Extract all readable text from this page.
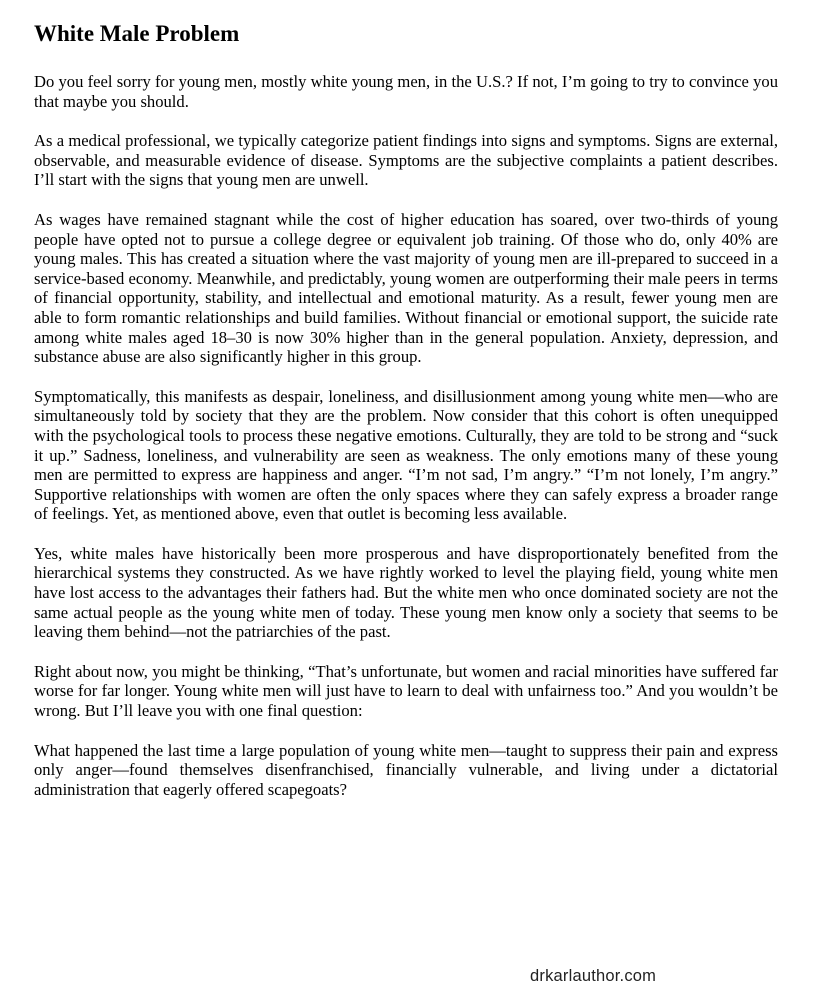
White Male Problem

Do you feel sorry for young men, mostly white young men, in the U.S.? If not, I’m going to try to convince you that maybe you should.

As a medical professional, we typically categorize patient findings into signs and symptoms. Signs are external, observable, and measurable evidence of disease. Symptoms are the subjective complaints a patient describes. I’ll start with the signs that young men are unwell.

As wages have remained stagnant while the cost of higher education has soared, over two-thirds of young people have opted not to pursue a college degree or equivalent job training. Of those who do, only 40% are young males. This has created a situation where the vast majority of young men are ill-prepared to succeed in a service-based economy. Meanwhile, and predictably, young women are outperforming their male peers in terms of financial opportunity, stability, and intellectual and emotional maturity. As a result, fewer young men are able to form romantic relationships and build families. Without financial or emotional support, the suicide rate among white males aged 18–30 is now 30% higher than in the general population. Anxiety, depression, and substance abuse are also significantly higher in this group.

Symptomatically, this manifests as despair, loneliness, and disillusionment among young white men—who are simultaneously told by society that they are the problem. Now consider that this cohort is often unequipped with the psychological tools to process these negative emotions. Culturally, they are told to be strong and “suck it up.” Sadness, loneliness, and vulnerability are seen as weakness. The only emotions many of these young men are permitted to express are happiness and anger. “I’m not sad, I’m angry.” “I’m not lonely, I’m angry.” Supportive relationships with women are often the only spaces where they can safely express a broader range of feelings. Yet, as mentioned above, even that outlet is becoming less available.

Yes, white males have historically been more prosperous and have disproportionately benefited from the hierarchical systems they constructed. As we have rightly worked to level the playing field, young white men have lost access to the advantages their fathers had. But the white men who once dominated society are not the same actual people as the young white men of today. These young men know only a society that seems to be leaving them behind—not the patriarchies of the past.

Right about now, you might be thinking, “That’s unfortunate, but women and racial minorities have suffered far worse for far longer. Young white men will just have to learn to deal with unfairness too.” And you wouldn’t be wrong. But I’ll leave you with one final question:

What happened the last time a large population of young white men—taught to suppress their pain and express only anger—found themselves disenfranchised, financially vulnerable, and living under a dictatorial administration that eagerly offered scapegoats?

drkarlauthor.com
